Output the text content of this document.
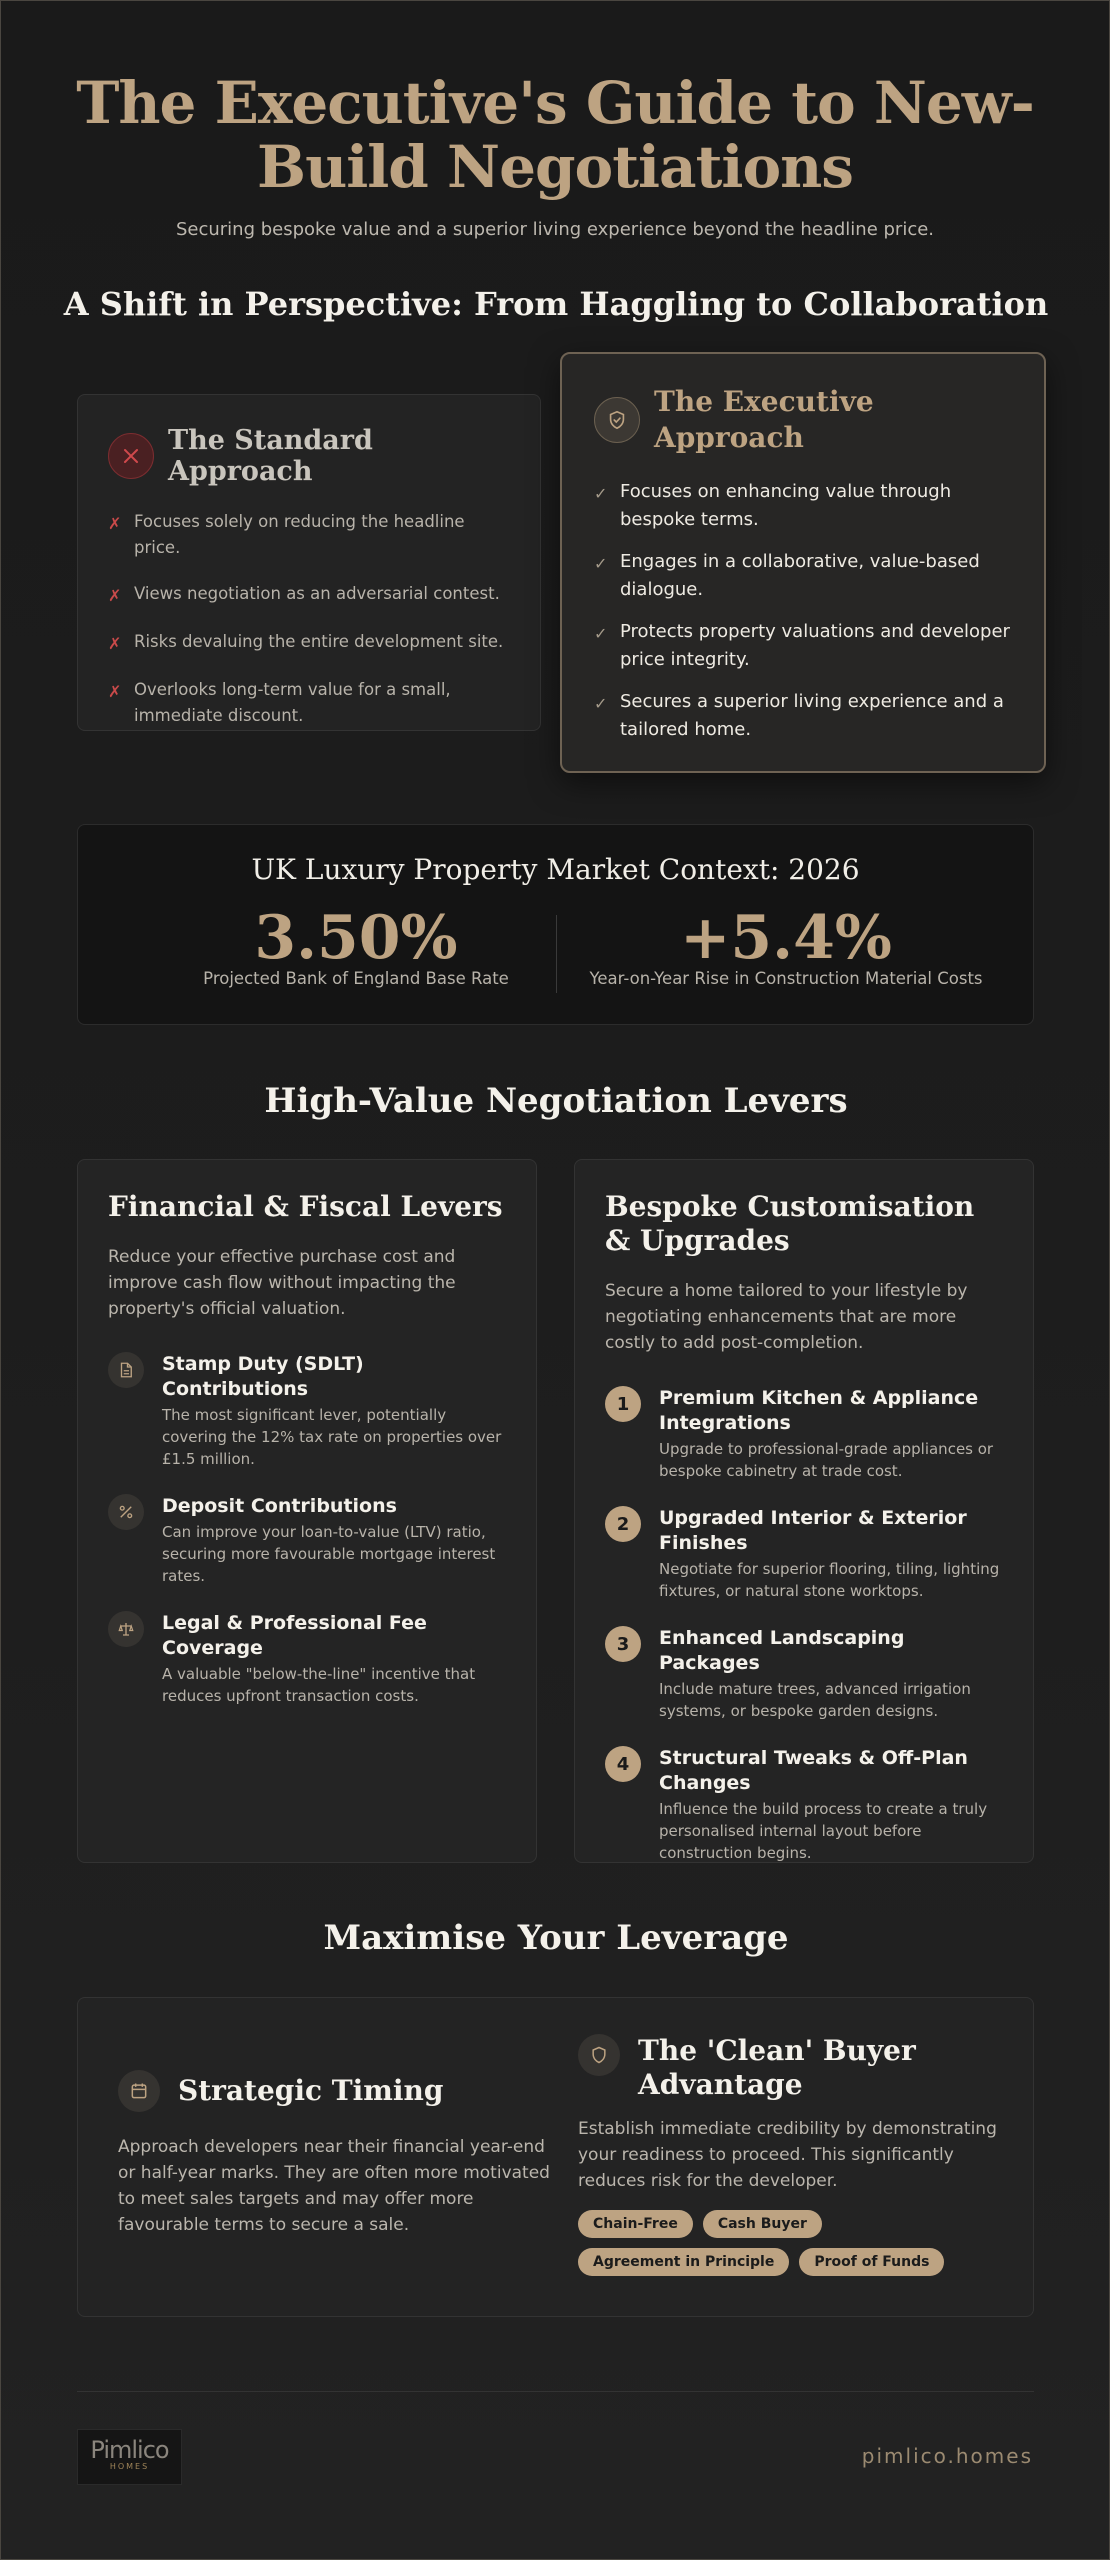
The Executive's Guide to New-Build Negotiations

Securing bespoke value and a superior living experience beyond the headline price.

A Shift in Perspective: From Haggling to Collaboration
The Standard Approach
✗ Focuses solely on reducing the headline price.
✗ Views negotiation as an adversarial contest.
✗ Risks devaluing the entire development site.
✗ Overlooks long-term value for a small, immediate discount.
The Executive Approach
✓ Focuses on enhancing value through bespoke terms.
✓ Engages in a collaborative, value-based dialogue.
✓ Protects property valuations and developer price integrity.
✓ Secures a superior living experience and a tailored home.
UK Luxury Property Market Context: 2026
3.50%
Projected Bank of England Base Rate
+5.4%
Year-on-Year Rise in Construction Material Costs
High-Value Negotiation Levers
Financial & Fiscal Levers

Reduce your effective purchase cost and improve cash flow without impacting the property's official valuation.

Stamp Duty (SDLT) Contributions
The most significant lever, potentially covering the 12% tax rate on properties over £1.5 million.
Deposit Contributions
Can improve your loan-to-value (LTV) ratio, securing more favourable mortgage interest rates.
Legal & Professional Fee Coverage
A valuable "below-the-line" incentive that reduces upfront transaction costs.
Bespoke Customisation & Upgrades

Secure a home tailored to your lifestyle by negotiating enhancements that are more costly to add post-completion.

1	Premium Kitchen & Appliance Integrations
Upgrade to professional-grade appliances or bespoke cabinetry at trade cost.
2	Upgraded Interior & Exterior Finishes
Negotiate for superior flooring, tiling, lighting fixtures, or natural stone worktops.
3	Enhanced Landscaping Packages
Include mature trees, advanced irrigation systems, or bespoke garden designs.
4	Structural Tweaks & Off-Plan Changes
Influence the build process to create a truly personalised internal layout before construction begins.
Maximise Your Leverage
Strategic Timing

Approach developers near their financial year-end or half-year marks. They are often more motivated to meet sales targets and may offer more favourable terms to secure a sale.

The 'Clean' Buyer Advantage

Establish immediate credibility by demonstrating your readiness to proceed. This significantly reduces risk for the developer.

Chain-Free	Cash Buyer
Agreement in Principle	Proof of Funds
Pimlico
HOMES	pimlico.homes
